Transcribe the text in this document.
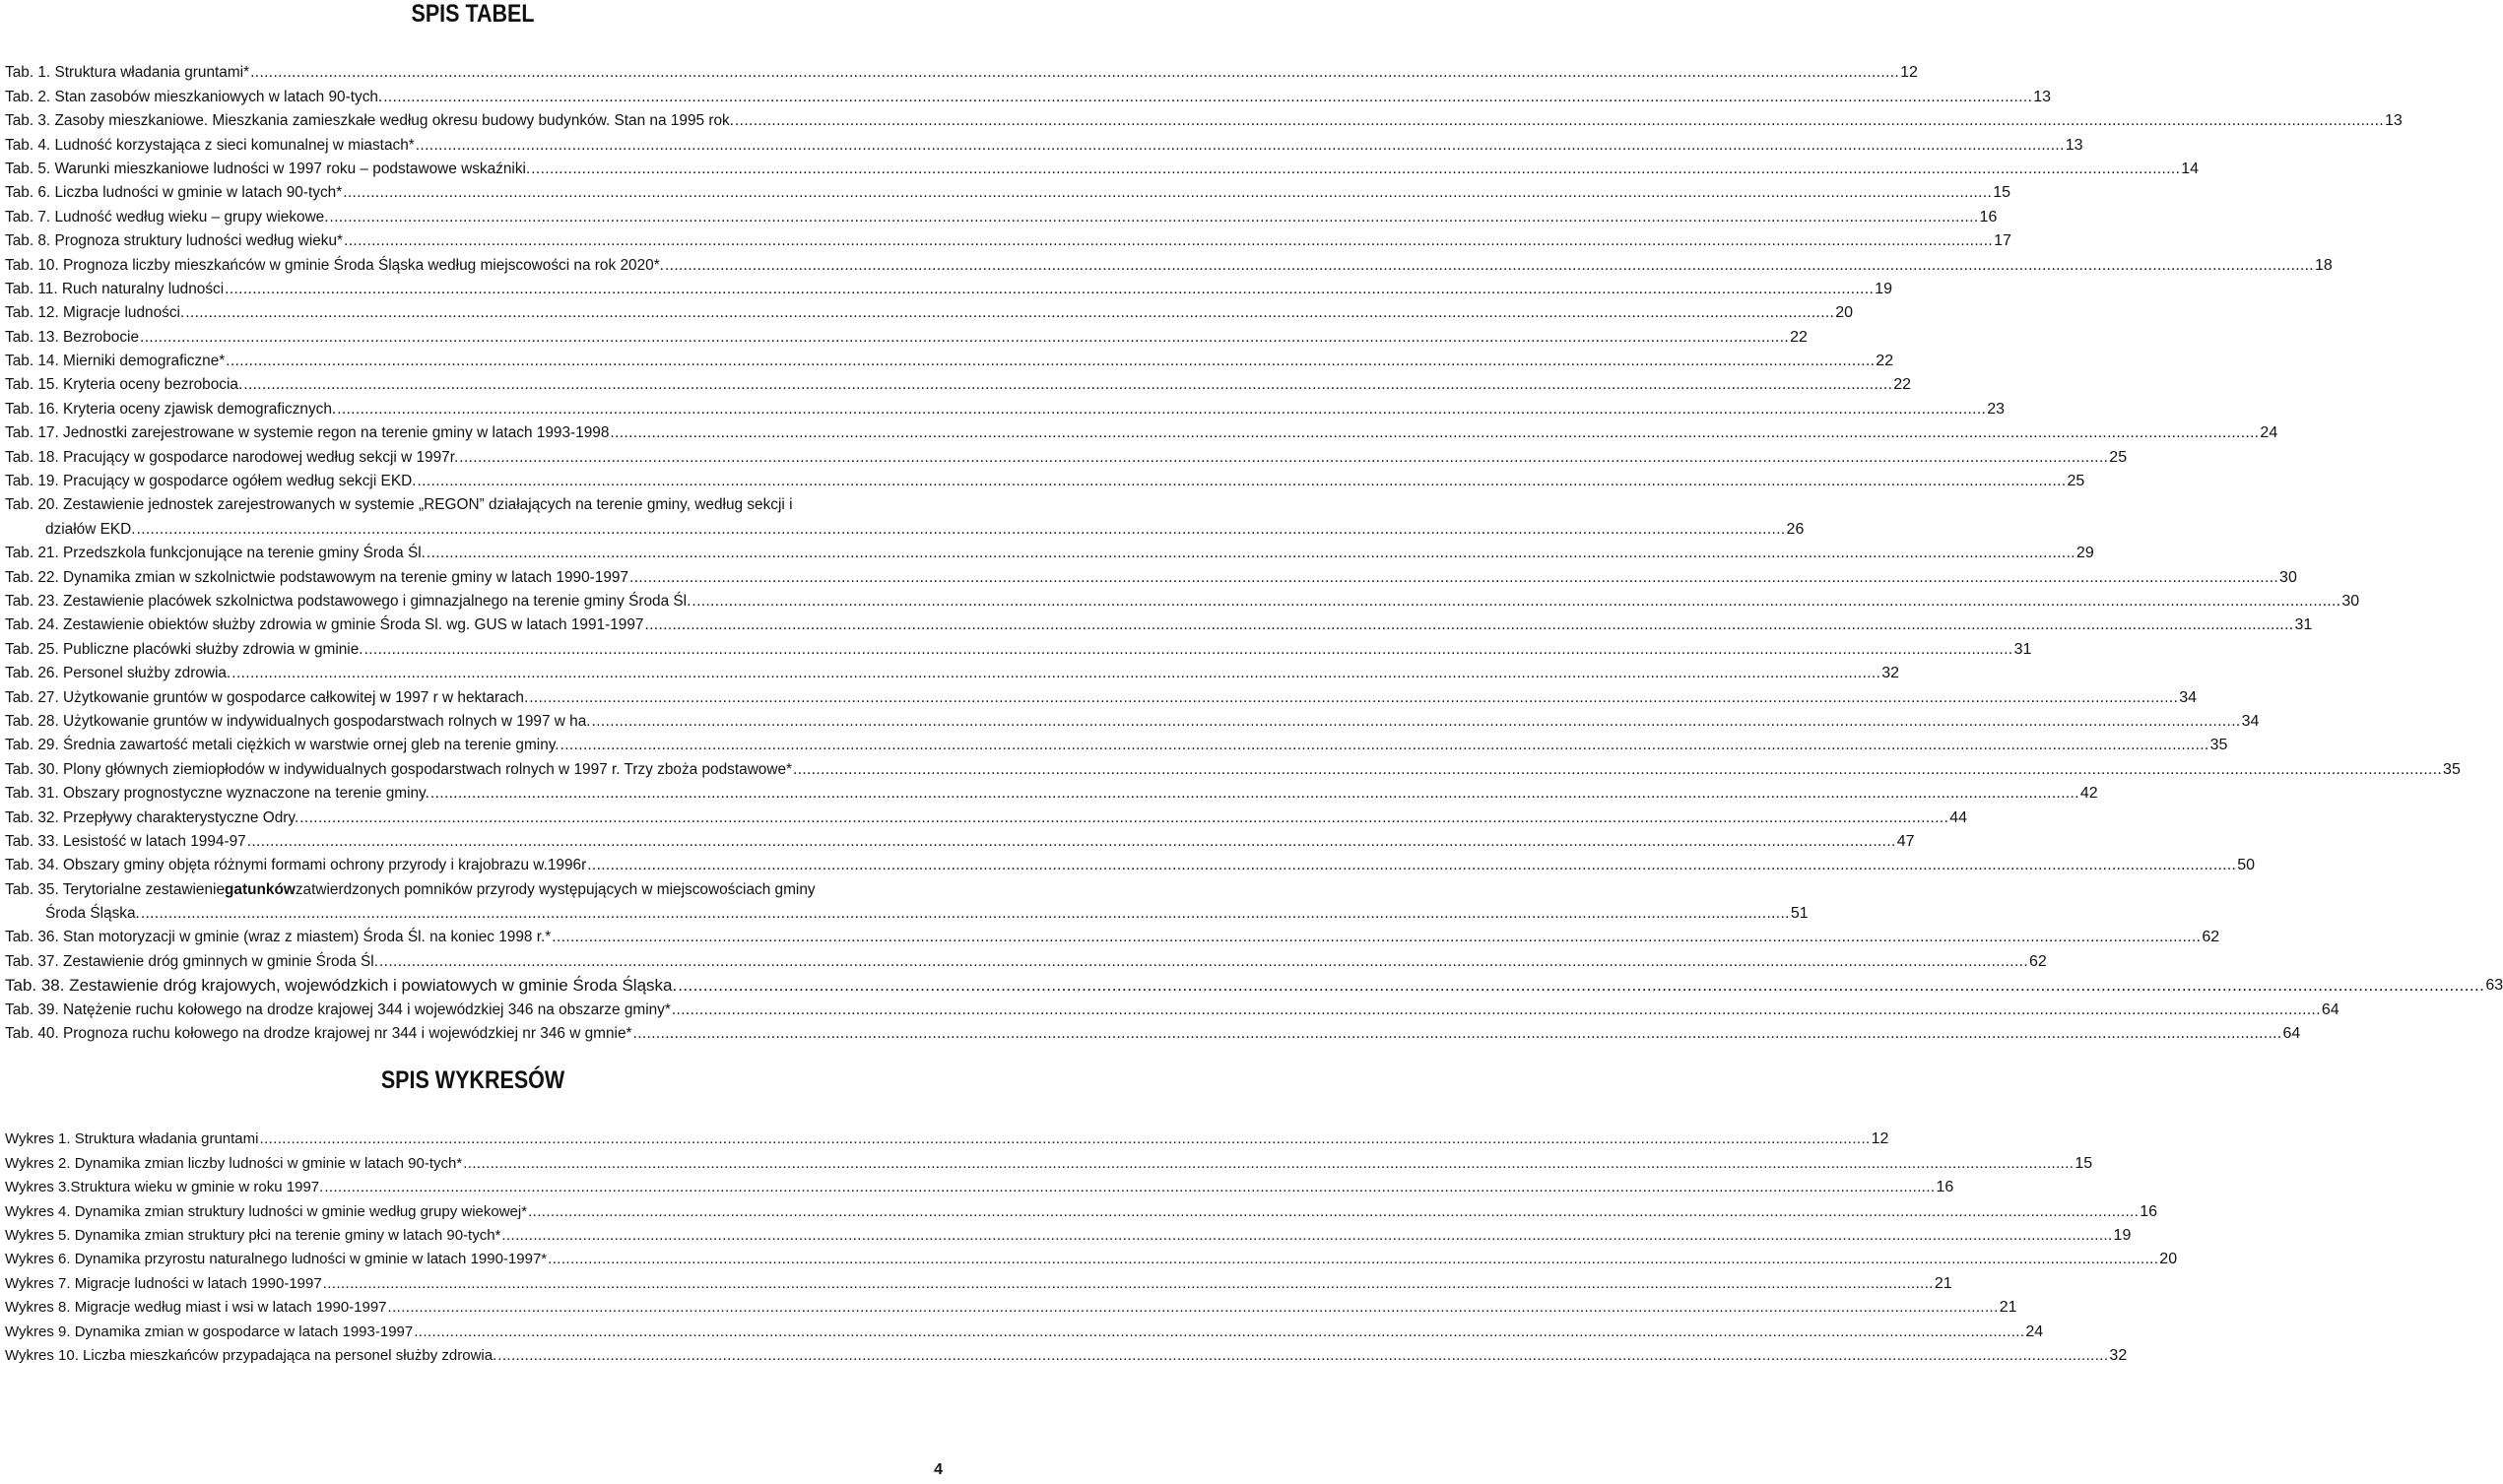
SPIS TABEL
Tab. 1. Struktura władania gruntami* .....	12
Tab. 2. Stan zasobów mieszkaniowych w latach 90-tych. .....	13
Tab. 3. Zasoby mieszkaniowe. Mieszkania zamieszkałe według okresu budowy budynków. Stan na 1995 rok. .....	13
Tab. 4. Ludność korzystająca z sieci komunalnej w miastach* .....	13
Tab. 5. Warunki mieszkaniowe ludności w 1997 roku – podstawowe wskaźniki. .....	14
Tab. 6. Liczba ludności w gminie w latach 90-tych* .....	15
Tab. 7. Ludność według wieku – grupy wiekowe. .....	16
Tab. 8. Prognoza struktury ludności według wieku* .....	17
Tab. 10. Prognoza liczby mieszkańców w gminie Środa Śląska według miejscowości na rok 2020*. .....	18
Tab. 11. Ruch naturalny ludności .....	19
Tab. 12. Migracje ludności. .....	20
Tab. 13. Bezrobocie .....	22
Tab. 14. Mierniki demograficzne* .....	22
Tab. 15. Kryteria oceny bezrobocia. .....	22
Tab. 16. Kryteria oceny zjawisk demograficznych. .....	23
Tab. 17. Jednostki zarejestrowane w systemie regon na terenie gminy w latach 1993-1998 .....	24
Tab. 18. Pracujący w gospodarce narodowej według sekcji w 1997r. .....	25
Tab. 19. Pracujący w gospodarce ogółem według sekcji EKD. .....	25
Tab. 20. Zestawienie jednostek zarejestrowanych w systemie „REGON” działających na terenie gminy, według sekcji i
działów EKD. .....	26
Tab. 21. Przedszkola funkcjonujące na terenie gminy Środa Śl. .....	29
Tab. 22. Dynamika zmian w szkolnictwie podstawowym na terenie gminy w latach 1990-1997 .....	30
Tab. 23. Zestawienie placówek szkolnictwa podstawowego i gimnazjalnego na terenie gminy Środa Śl. .....	30
Tab. 24. Zestawienie obiektów służby zdrowia w gminie Środa Sl. wg. GUS w latach 1991-1997 .....	31
Tab. 25. Publiczne placówki służby zdrowia w gminie. .....	31
Tab. 26. Personel służby zdrowia. .....	32
Tab. 27. Użytkowanie gruntów w gospodarce całkowitej w 1997 r w hektarach. .....	34
Tab. 28. Użytkowanie gruntów w indywidualnych gospodarstwach rolnych w 1997 w ha. .....	34
Tab. 29. Średnia zawartość metali ciężkich w warstwie ornej gleb na terenie gminy. .....	35
Tab. 30. Plony głównych ziemiopłodów w indywidualnych gospodarstwach rolnych w 1997 r. Trzy zboża podstawowe* .....	35
Tab. 31. Obszary prognostyczne wyznaczone na terenie gminy. .....	42
Tab. 32. Przepływy charakterystyczne Odry. .....	44
Tab. 33. Lesistość w latach 1994-97 .....	47
Tab. 34. Obszary gminy objęta różnymi formami ochrony przyrody i krajobrazu w.1996r .....	50
Tab. 35. Terytorialne zestawienie gatunków zatwierdzonych pomników przyrody występujących w miejscowościach gminy
Środa Śląska. .....	51
Tab. 36. Stan motoryzacji w gminie (wraz z miastem) Środa Śl. na koniec 1998 r.* .....	62
Tab. 37. Zestawienie dróg gminnych w gminie Środa Śl. .....	62
Tab. 38. Zestawienie dróg krajowych, wojewódzkich i powiatowych w gminie Środa Śląska. .....	63
Tab. 39. Natężenie ruchu kołowego na drodze krajowej 344 i wojewódzkiej 346 na obszarze gminy* .....	64
Tab. 40. Prognoza ruchu kołowego na drodze krajowej nr 344 i wojewódzkiej nr 346 w gmnie* .....	64
SPIS WYKRESÓW
Wykres 1. Struktura władania gruntami .....	12
Wykres 2. Dynamika zmian liczby ludności w gminie w latach 90-tych* .....	15
Wykres 3.Struktura wieku w gminie w roku 1997. .....	16
Wykres 4. Dynamika zmian struktury ludności w gminie według grupy wiekowej* .....	16
Wykres 5. Dynamika zmian struktury płci na terenie gminy w latach 90-tych* .....	19
Wykres 6. Dynamika przyrostu naturalnego ludności w gminie w latach 1990-1997* .....	20
Wykres 7. Migracje ludności w latach 1990-1997 .....	21
Wykres 8. Migracje według miast i wsi w latach 1990-1997 .....	21
Wykres 9. Dynamika zmian w gospodarce w latach 1993-1997 .....	24
Wykres 10. Liczba mieszkańców przypadająca na personel służby zdrowia. .....	32
4
